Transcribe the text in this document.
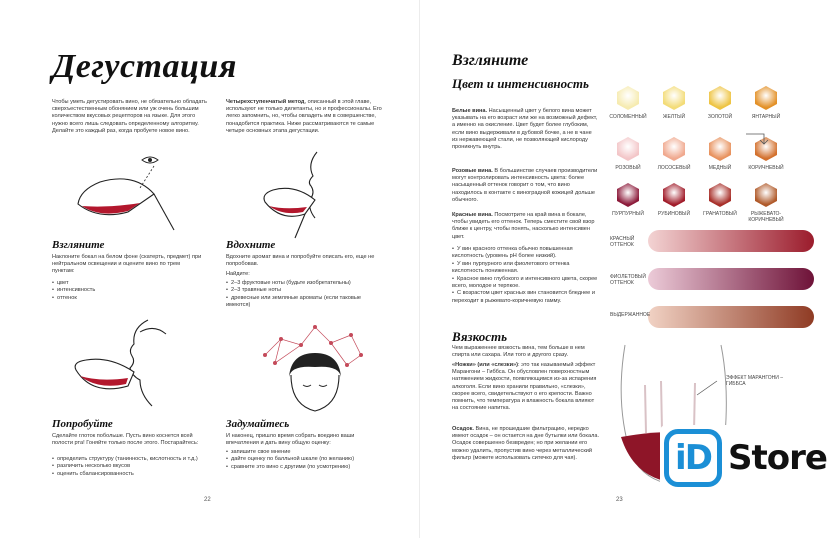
Дегустация

Чтобы уметь дегустировать вино, не обязательно обладать сверхъестественным обонянием или уж очень большим количеством вкусовых рецепторов на языке. Для этого нужно всего лишь следовать определенному алгоритму. Делайте это каждый раз, когда пробуете новое вино.

Четырехступенчатый метод, описанный в этой главе, используют не только дилетанты, но и профессионалы. Его легко запомнить, но, чтобы овладеть им в совершенстве, понадобится практика. Ниже рассматриваются те самые четыре основных этапа дегустации.

Взгляните

Наклоните бокал на белом фоне (скатерть, предмет) при нейтральном освещении и оцените вино по трем пунктам:

• цвет
• интенсивность
• оттенок
Вдохните

Вдохните аромат вина и попробуйте описать его, еще не попробовав.

Найдите:

• 2–3 фруктовые ноты (будьте изобретательны)
• 2–3 травяные ноты
• древесные или земляные ароматы (если таковые имеются)
Попробуйте

Сделайте глоток побольше. Пусть вино коснется всей полости рта! Гоняйте только после этого. Постарайтесь:

• определить структуру (танинность, кислотность и т.д.)
• различить несколько вкусов
• оценить сбалансированность
Задумайтесь

И наконец, пришло время собрать воедино ваши впечатления и дать вину общую оценку:

• запишите свое мнение
• дайте оценку по балльной шкале (по желанию)
• сравните это вино с другими (по усмотрению)
22
Взгляните
Цвет и интенсивность

Белые вина. Насыщенный цвет у белого вина может указывать на его возраст или же на возможный дефект, а именно на окисление. Цвет будет более глубоким, если вино выдерживали в дубовой бочке, а не в чане из нержавеющей стали, не позволяющей кислороду проникнуть внутрь.

Розовые вина. В большинстве случаев производители могут контролировать интенсивность цвета: более насыщенный оттенок говорит о том, что вино находилось в контакте с виноградной кожицей дольше обычного.

Красные вина. Посмотрите на край вина в бокале, чтобы увидеть его оттенок. Теперь сместите свой взор ближе к центру, чтобы понять, насколько интенсивен цвет.

• У вин красного оттенка обычно повышенная кислотность (уровень pH более низкий).
• У вин пурпурного или фиолетового оттенка кислотность пониженная.
• Красное вино глубокого и интенсивного цвета, скорее всего, молодое и терпкое.
• С возрастом цвет красных вин становится бледнее и переходит в рыжевато-коричневую гамму.
Вязкость

Чем выраженнее вязкость вина, тем больше в нем спирта или сахара. Или того и другого сразу.

«Ножки» (или «слезки»): это так называемый эффект Марангони – Гиббса. Он обусловлен поверхностным натяжением жидкости, появляющимся из-за испарения алкоголя. Если вино хранили правильно, «слезки», скорее всего, свидетельствуют о его крепости. Важно помнить, что температура и влажность бокала влияют на состояние напитка.

Осадок. Вина, не прошедшие фильтрацию, нередко имеют осадок – он остается на дне бутылки или бокала. Осадок совершенно безвреден; но при желании его можно удалить, пропустив вино через металлический фильтр (можете использовать ситечко для чая).

СОЛОМЕННЫЙ	ЖЕЛТЫЙ	ЗОЛОТОЙ	ЯНТАРНЫЙ
РОЗОВЫЙ	ЛОСОСЕВЫЙ	МЕДНЫЙ	КОРИЧНЕВЫЙ
ПУРПУРНЫЙ	РУБИНОВЫЙ	ГРАНАТОВЫЙ	РЫЖЕВАТО-КОРИЧНЕВЫЙ
КРАСНЫЙ ОТТЕНОК
ФИОЛЕТОВЫЙ ОТТЕНОК
ВЫДЕРЖАННОЕ

ЭФФЕКТ МАРАНГОНИ – ГИББСА

23
iD Store
